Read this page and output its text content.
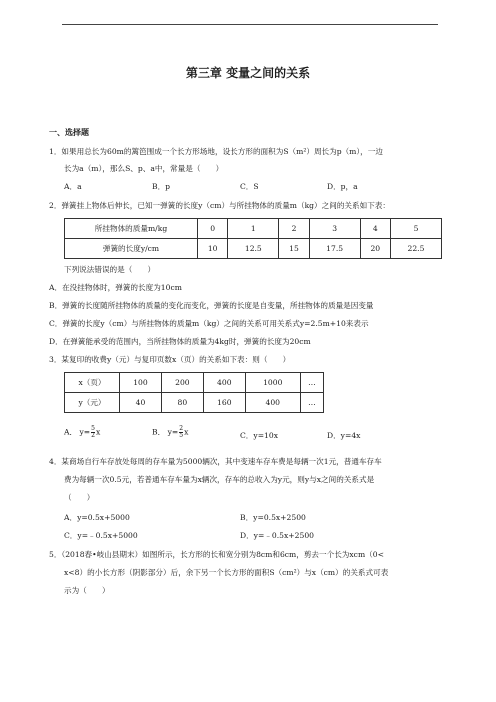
第三章 变量之间的关系
一、选择题
1．如果用总长为60m的篱笆围成一个长方形场地，设长方形的面积为S（m²）周长为p（m），一边
长为a（m），那么S、p、a中，常量是（　　）
A．a	B．p	C．S	D．p，a
2．弹簧挂上物体后伸长，已知一弹簧的长度y（cm）与所挂物体的质量m（kg）之间的关系如下表：
所挂物体的质量m/kg	0	1	2	3	4	5
弹簧的长度y/cm	10	12.5	15	17.5	20	22.5
下列说法错误的是（　　）
A．在没挂物体时，弹簧的长度为10cm
B．弹簧的长度随所挂物体的质量的变化而变化，弹簧的长度是自变量，所挂物体的质量是因变量
C．弹簧的长度y（cm）与所挂物体的质量m（kg）之间的关系可用关系式y=2.5m+10来表示
D．在弹簧能承受的范围内，当所挂物体的质量为4kg时，弹簧的长度为20cm
3．某复印的收费y（元）与复印页数x（页）的关系如下表：则（　　）
x（页）	100	200	400	1000	…
y（元）	40	80	160	400	…
A． $y= \frac{5}{2}$ x	B． $y= \frac{2}{5}$ x	C．y=10x	D．y=4x
4．某商场自行车存放处每周的存车量为5000辆次，其中变速车存车费是每辆一次1元，普通车存车
费为每辆一次0.5元，若普通车存车量为x辆次，存车的总收入为y元，则y与x之间的关系式是
（　　）
A．y=0.5x+5000	B．y=0.5x+2500
C．y=﹣0.5x+5000	D．y=﹣0.5x+2500
5．（2018春•岐山县期末）如图所示，长方形的长和宽分别为8cm和6cm，剪去一个长为xcm（0<
x<8）的小长方形（阴影部分）后，余下另一个长方形的面积S（cm²）与x（cm）的关系式可表
示为（　　）
